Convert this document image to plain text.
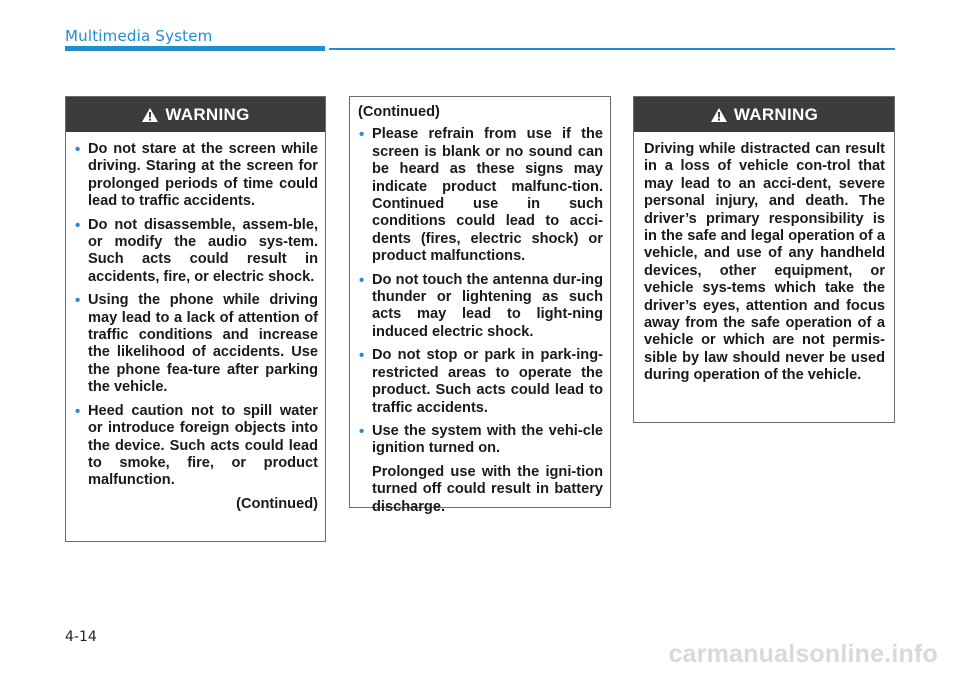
Multimedia System
WARNING
• Do not stare at the screen while driving. Staring at the screen for prolonged periods of time could lead to traffic accidents.
• Do not disassemble, assem-ble, or modify the audio sys-tem. Such acts could result in accidents, fire, or electric shock.
• Using the phone while driving may lead to a lack of attention of traffic conditions and increase the likelihood of accidents. Use the phone fea-ture after parking the vehicle.
• Heed caution not to spill water or introduce foreign objects into the device. Such acts could lead to smoke, fire, or product malfunction.
(Continued)
(Continued)
• Please refrain from use if the screen is blank or no sound can be heard as these signs may indicate product malfunc-tion. Continued use in such conditions could lead to acci-dents (fires, electric shock) or product malfunctions.
• Do not touch the antenna dur-ing thunder or lightening as such acts may lead to light-ning induced electric shock.
• Do not stop or park in park-ing-restricted areas to operate the product. Such acts could lead to traffic accidents.
• Use the system with the vehi-cle ignition turned on.
Prolonged use with the igni-tion turned off could result in battery discharge.
WARNING
Driving while distracted can result in a loss of vehicle con-trol that may lead to an acci-dent, severe personal injury, and death. The driver’s primary responsibility is in the safe and legal operation of a vehicle, and use of any handheld devices, other equipment, or vehicle sys-tems which take the driver’s eyes, attention and focus away from the safe operation of a vehicle or which are not permis-sible by law should never be used during operation of the vehicle.
4-14
carmanualsonline.info
